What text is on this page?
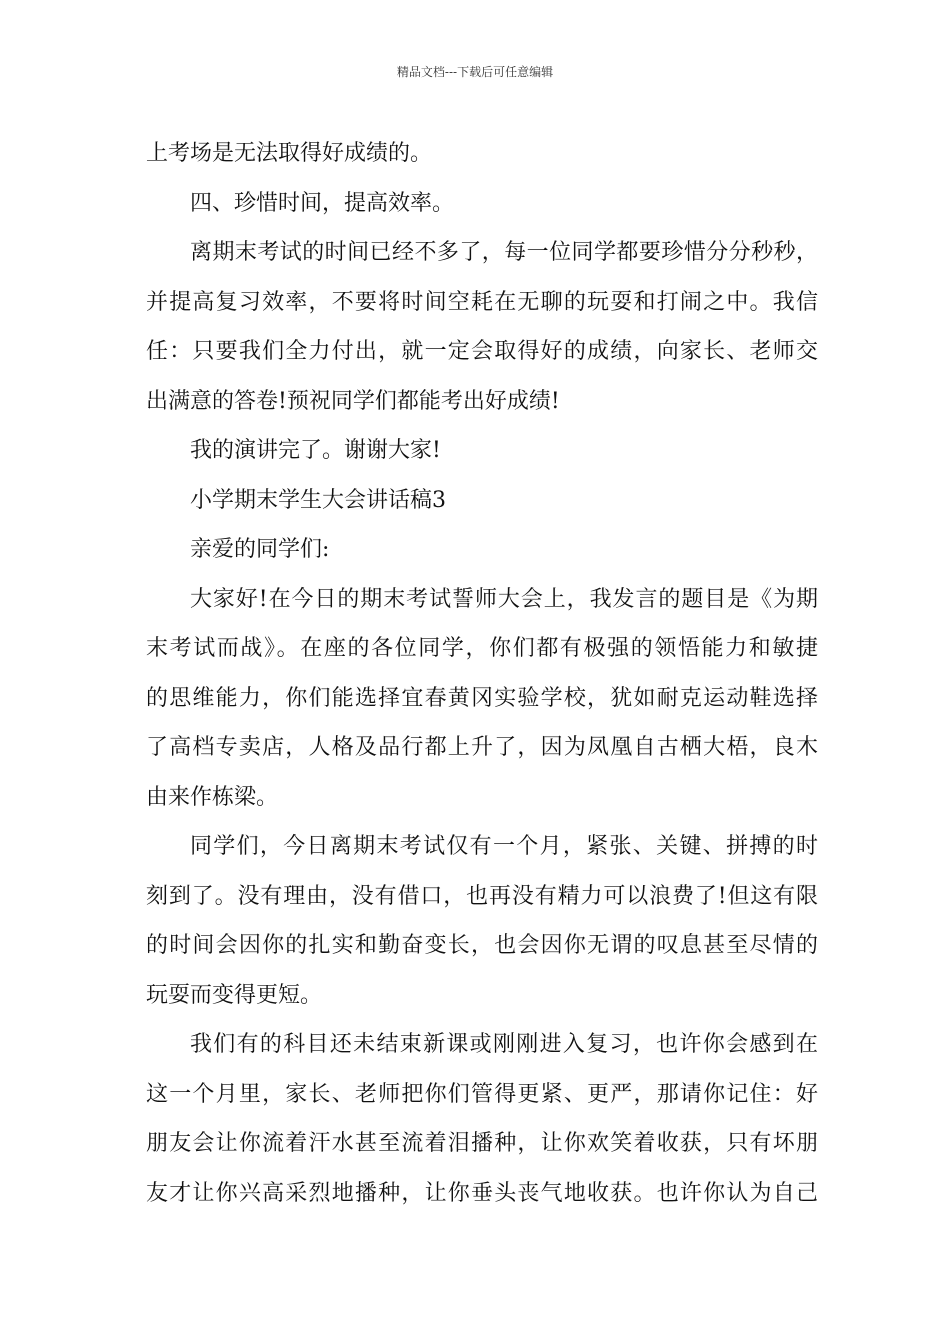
精品文档---下载后可任意编辑
上考场是无法取得好成绩的。
四、珍惜时间，提高效率。
离期末考试的时间已经不多了，每一位同学都要珍惜分分秒秒，
并提高复习效率，不要将时间空耗在无聊的玩耍和打闹之中。我信
任：只要我们全力付出，就一定会取得好的成绩，向家长、老师交
出满意的答卷!预祝同学们都能考出好成绩!
我的演讲完了。谢谢大家!
小学期末学生大会讲话稿3
亲爱的同学们:
大家好!在今日的期末考试誓师大会上，我发言的题目是《为期
末考试而战》。在座的各位同学，你们都有极强的领悟能力和敏捷
的思维能力，你们能选择宜春黄冈实验学校，犹如耐克运动鞋选择
了高档专卖店，人格及品行都上升了，因为凤凰自古栖大梧，良木
由来作栋梁。
同学们，今日离期末考试仅有一个月，紧张、关键、拼搏的时
刻到了。没有理由，没有借口，也再没有精力可以浪费了!但这有限
的时间会因你的扎实和勤奋变长，也会因你无谓的叹息甚至尽情的
玩耍而变得更短。
我们有的科目还未结束新课或刚刚进入复习，也许你会感到在
这一个月里，家长、老师把你们管得更紧、更严，那请你记住：好
朋友会让你流着汗水甚至流着泪播种，让你欢笑着收获，只有坏朋
友才让你兴高采烈地播种，让你垂头丧气地收获。也许你认为自己
